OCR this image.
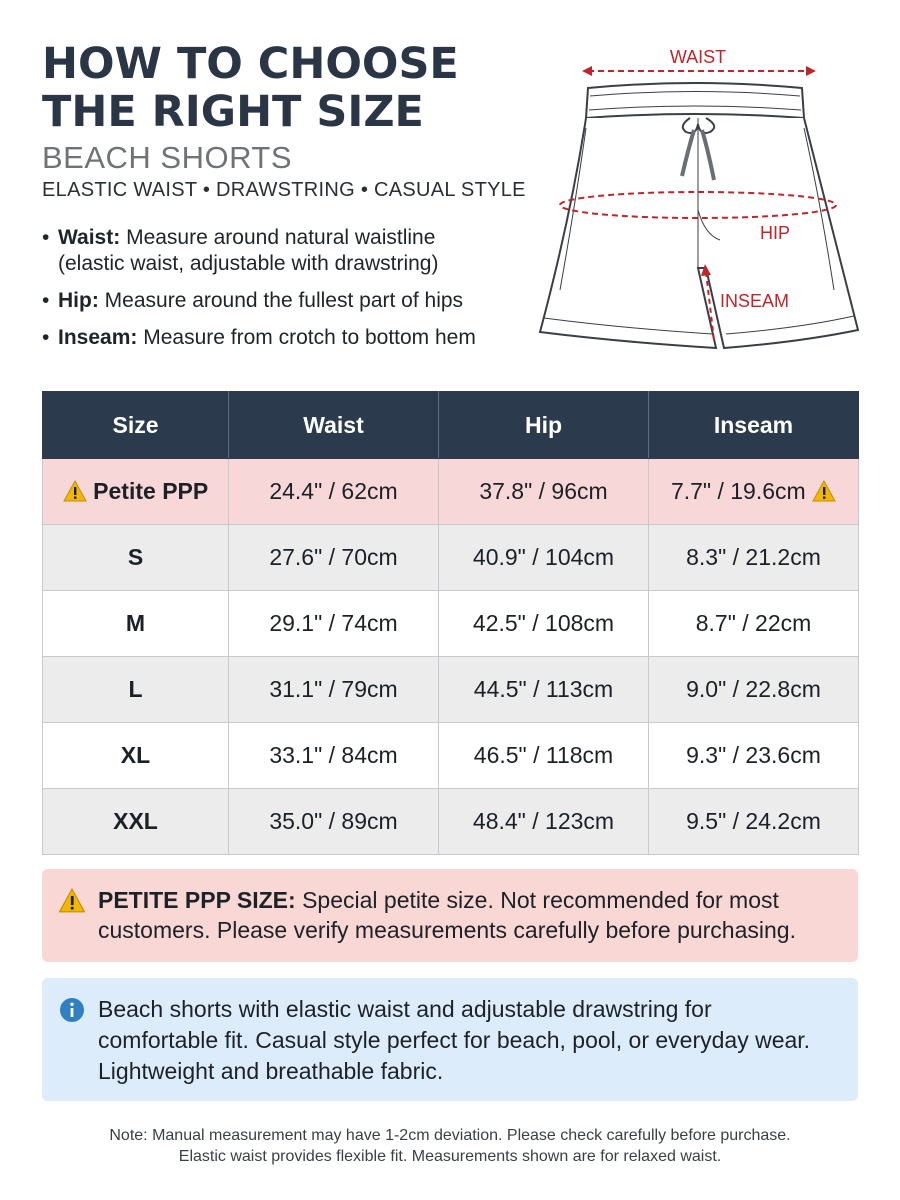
HOW TO CHOOSE
THE RIGHT SIZE
BEACH SHORTS
ELASTIC WAIST • DRAWSTRING • CASUAL STYLE
• Waist: Measure around natural waistline
(elastic waist, adjustable with drawstring)
• Hip: Measure around the fullest part of hips
• Inseam: Measure from crotch to bottom hem
WAIST
HIP
INSEAM
Size	Waist	Hip	Inseam
Petite PPP	24.4" / 62cm	37.8" / 96cm	7.7" / 19.6cm
S	27.6" / 70cm	40.9" / 104cm	8.3" / 21.2cm
M	29.1" / 74cm	42.5" / 108cm	8.7" / 22cm
L	31.1" / 79cm	44.5" / 113cm	9.0" / 22.8cm
XL	33.1" / 84cm	46.5" / 118cm	9.3" / 23.6cm
XXL	35.0" / 89cm	48.4" / 123cm	9.5" / 24.2cm
PETITE PPP SIZE: Special petite size. Not recommended for most customers. Please verify measurements carefully before purchasing.
Beach shorts with elastic waist and adjustable drawstring for comfortable fit. Casual style perfect for beach, pool, or everyday wear. Lightweight and breathable fabric.
Note: Manual measurement may have 1-2cm deviation. Please check carefully before purchase.
Elastic waist provides flexible fit. Measurements shown are for relaxed waist.
